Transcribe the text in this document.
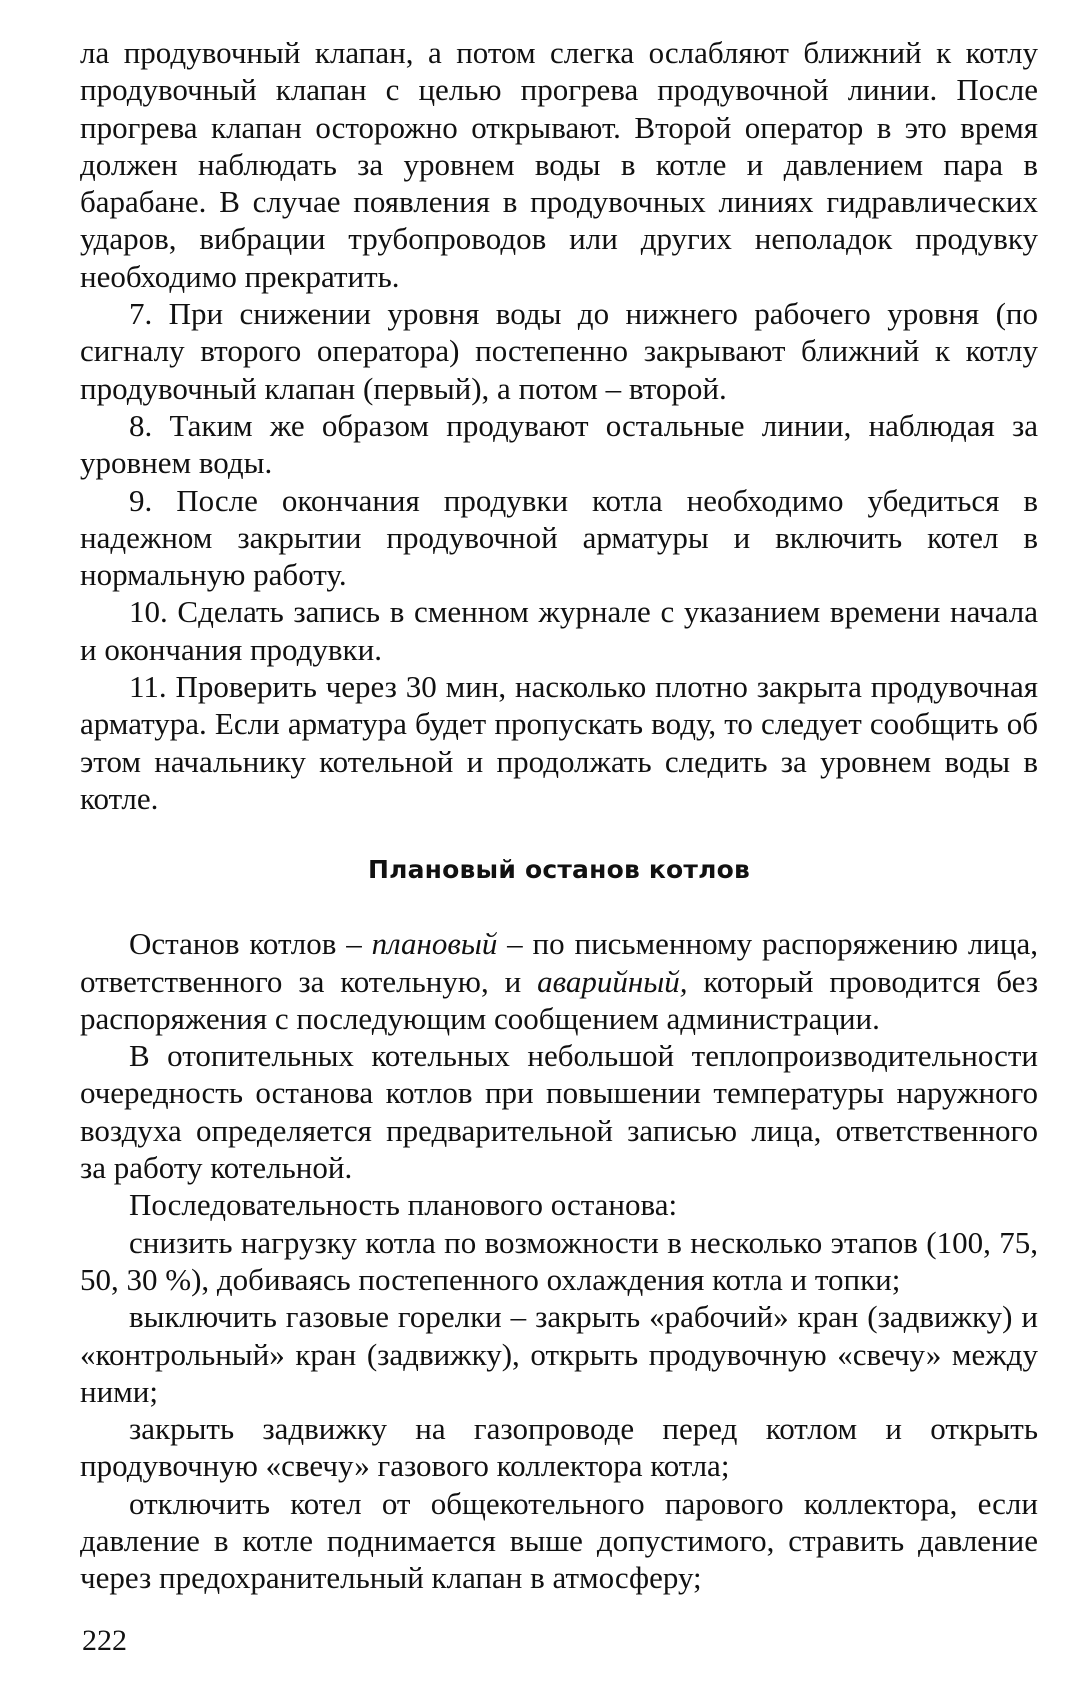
ла продувочный клапан, а потом слегка ослабляют ближний к котлу продувочный клапан с целью прогрева продувочной линии. После прогрева клапан осторожно открывают. Второй оператор в это время должен наблюдать за уровнем воды в котле и давлением пара в барабане. В случае появления в продувочных линиях гидравлических ударов, вибрации трубопроводов или других неполадок продувку необходимо прекратить.

7. При снижении уровня воды до нижнего рабочего уровня (по сигналу второго оператора) постепенно закрывают ближний к котлу продувочный клапан (первый), а потом – второй.

8. Таким же образом продувают остальные линии, наблюдая за уровнем воды.

9. После окончания продувки котла необходимо убедиться в надежном закрытии продувочной арматуры и включить котел в нормальную работу.

10. Сделать запись в сменном журнале с указанием времени начала и окончания продувки.

11. Проверить через 30 мин, насколько плотно закрыта продувочная арматура. Если арматура будет пропускать воду, то следует сообщить об этом начальнику котельной и продолжать следить за уровнем воды в котле.

Плановый останов котлов

Останов котлов – плановый – по письменному распоряжению лица, ответственного за котельную, и аварийный, который проводится без распоряжения с последующим сообщением администрации.

В отопительных котельных небольшой теплопроизводительности очередность останова котлов при повышении температуры наружного воздуха определяется предварительной записью лица, ответственного за работу котельной.

Последовательность планового останова:

снизить нагрузку котла по возможности в несколько этапов (100, 75, 50, 30 %), добиваясь постепенного охлаждения котла и топки;

выключить газовые горелки – закрыть «рабочий» кран (задвижку) и «контрольный» кран (задвижку), открыть продувочную «свечу» между ними;

закрыть задвижку на газопроводе перед котлом и открыть продувочную «свечу» газового коллектора котла;

отключить котел от общекотельного парового коллектора, если давление в котле поднимается выше допустимого, стравить давление через предохранительный клапан в атмосферу;

222
